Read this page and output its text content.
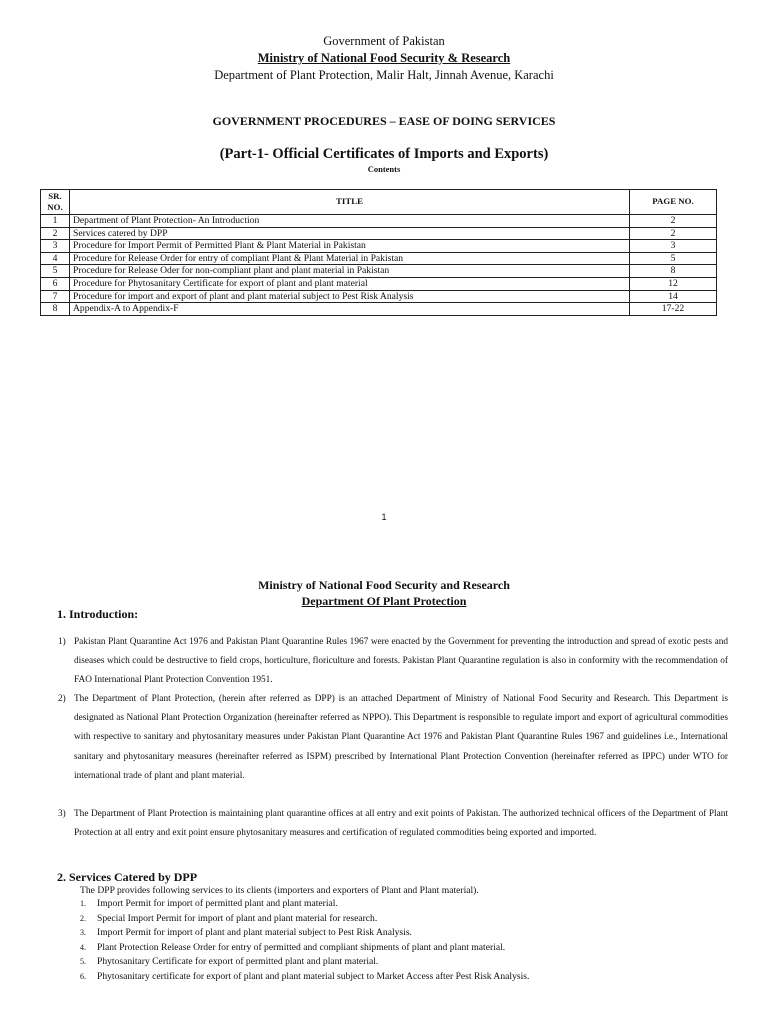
Government of Pakistan
Ministry of National Food Security & Research
Department of Plant Protection, Malir Halt, Jinnah Avenue, Karachi
GOVERNMENT PROCEDURES – EASE OF DOING SERVICES
(Part-1- Official Certificates of Imports and Exports)
Contents
SR. NO.	TITLE	PAGE NO.
1	Department of Plant Protection- An Introduction	2
2	Services catered by DPP	2
3	Procedure for Import Permit of Permitted Plant & Plant Material in Pakistan	3
4	Procedure for Release Order for entry of compliant Plant & Plant Material in Pakistan	5
5	Procedure for Release Oder for non-compliant plant and plant material in Pakistan	8
6	Procedure for Phytosanitary Certificate for export of plant and plant material	12
7	Procedure for import and export of plant and plant material subject to Pest Risk Analysis	14
8	Appendix-A to Appendix-F	17-22
1
Ministry of National Food Security and Research
Department Of Plant Protection
1. Introduction:
1) Pakistan Plant Quarantine Act 1976 and Pakistan Plant Quarantine Rules 1967 were enacted by the Government for preventing the introduction and spread of exotic pests and diseases which could be destructive to field crops, horticulture, floriculture and forests. Pakistan Plant Quarantine regulation is also in conformity with the recommendation of FAO International Plant Protection Convention 1951.
2) The Department of Plant Protection, (herein after referred as DPP) is an attached Department of Ministry of National Food Security and Research. This Department is designated as National Plant Protection Organization (hereinafter referred as NPPO). This Department is responsible to regulate import and export of agricultural commodities with respective to sanitary and phytosanitary measures under Pakistan Plant Quarantine Act 1976 and Pakistan Plant Quarantine Rules 1967 and guidelines i.e., International sanitary and phytosanitary measures (hereinafter referred as ISPM) prescribed by International Plant Protection Convention (hereinafter referred as IPPC) under WTO for international trade of plant and plant material.
3) The Department of Plant Protection is maintaining plant quarantine offices at all entry and exit points of Pakistan. The authorized technical officers of the Department of Plant Protection at all entry and exit point ensure phytosanitary measures and certification of regulated commodities being exported and imported.
2. Services Catered by DPP
The DPP provides following services to its clients (importers and exporters of Plant and Plant material).
1. Import Permit for import of permitted plant and plant material.
2. Special Import Permit for import of plant and plant material for research.
3. Import Permit for import of plant and plant material subject to Pest Risk Analysis.
4. Plant Protection Release Order for entry of permitted and compliant shipments of plant and plant material.
5. Phytosanitary Certificate for export of permitted plant and plant material.
6. Phytosanitary certificate for export of plant and plant material subject to Market Access after Pest Risk Analysis.
